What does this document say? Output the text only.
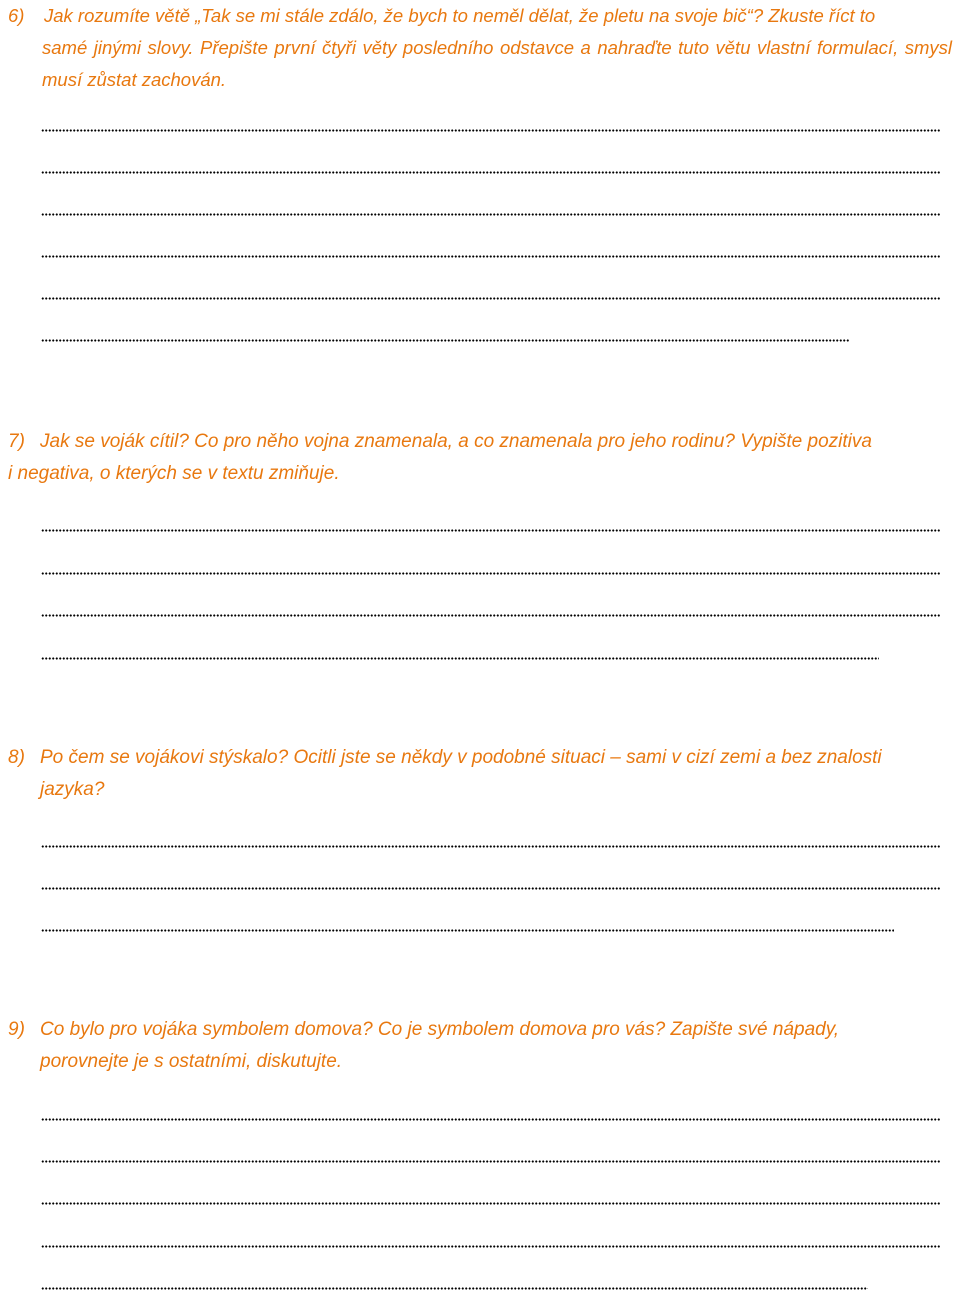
6)	Jak rozumíte větě „Tak se mi stále zdálo, že bych to neměl dělat, že pletu na svoje bič“? Zkuste říct to
samé jinými slovy. Přepište první čtyři věty posledního odstavce a nahraďte tuto větu vlastní formulací, smysl musí zůstat zachován.
7) Jak se voják cítil? Co pro něho vojna znamenala, a co znamenala pro jeho rodinu? Vypište pozitiva
i negativa, o kterých se v textu zmiňuje.
8) Po čem se vojákovi stýskalo? Ocitli jste se někdy v podobné situaci – sami v cizí zemi a bez znalosti
jazyka?
9) Co bylo pro vojáka symbolem domova? Co je symbolem domova pro vás? Zapište své nápady,
porovnejte je s ostatními, diskutujte.
